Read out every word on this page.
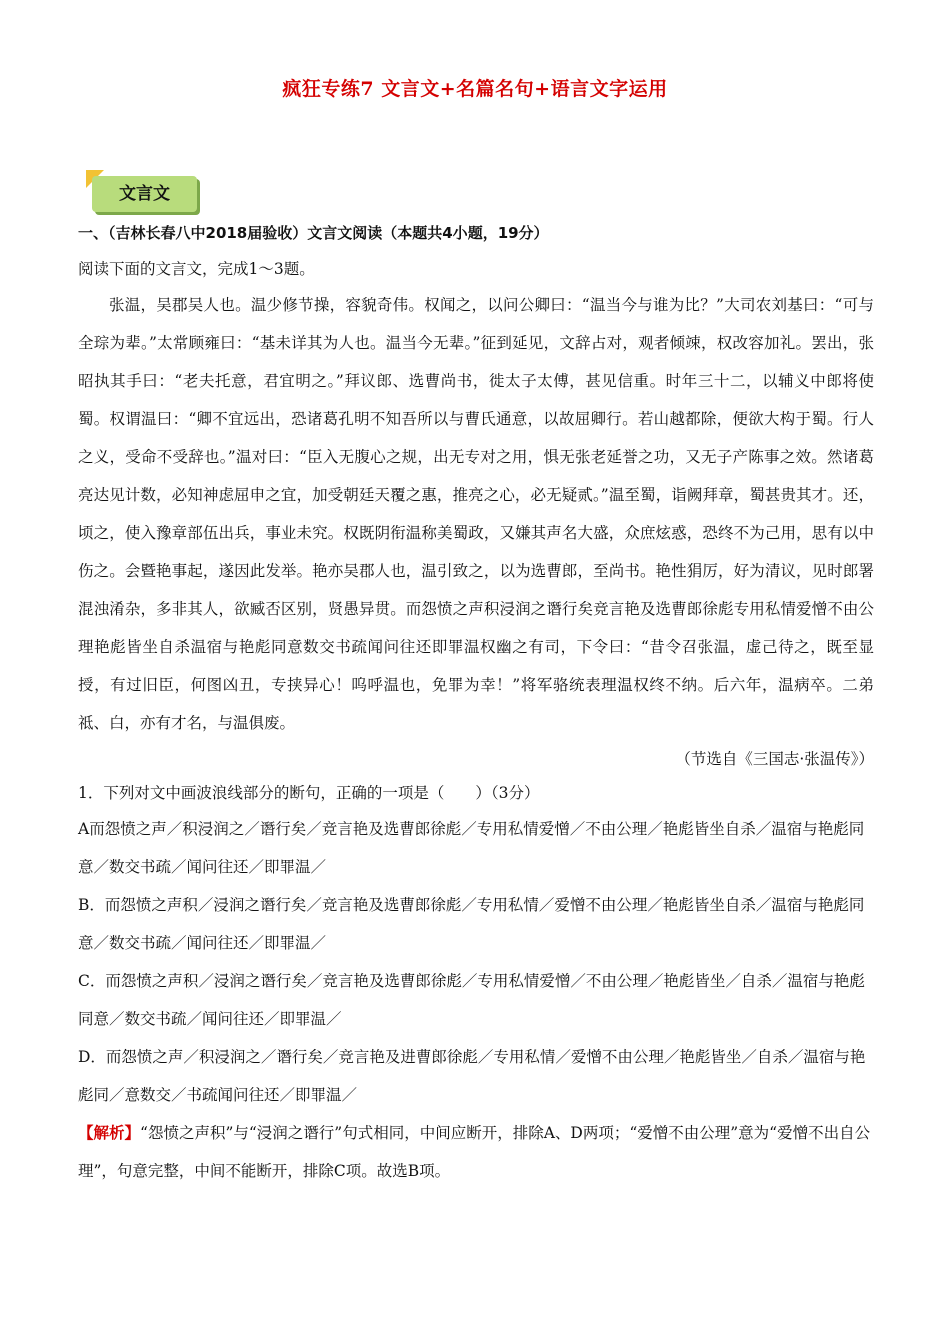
疯狂专练7 文言文+名篇名句+语言文字运用
文言文
一、（吉林长春八中2018届验收）文言文阅读（本题共4小题，19分）

阅读下面的文言文，完成1～3题。

张温，吴郡吴人也。温少修节操，容貌奇伟。权闻之，以问公卿曰：“温当今与谁为比？”大司农刘基曰：“可与全琮为辈。”太常顾雍曰：“基未详其为人也。温当今无辈。”征到延见，文辞占对，观者倾竦，权改容加礼。罢出，张昭执其手曰：“老夫托意，君宜明之。”拜议郎、选曹尚书，徙太子太傅，甚见信重。时年三十二，以辅义中郎将使蜀。权谓温曰：“卿不宜远出，恐诸葛孔明不知吾所以与曹氏通意，以故屈卿行。若山越都除，便欲大构于蜀。行人之义，受命不受辞也。”温对曰：“臣入无腹心之规，出无专对之用，惧无张老延誉之功，又无子产陈事之效。然诸葛亮达见计数，必知神虑屈申之宜，加受朝廷天覆之惠，推亮之心，必无疑贰。”温至蜀，诣阙拜章，蜀甚贵其才。还，顷之，使入豫章部伍出兵，事业未究。权既阴衔温称美蜀政，又嫌其声名大盛，众庶炫惑，恐终不为己用，思有以中伤之。会暨艳事起，遂因此发举。艳亦吴郡人也，温引致之，以为选曹郎，至尚书。艳性狷厉，好为清议，见时郎署混浊淆杂，多非其人，欲臧否区别，贤愚异贯。而怨愤之声积浸润之谮行矣竞言艳及选曹郎徐彪专用私情爱憎不由公理艳彪皆坐自杀温宿与艳彪同意数交书疏闻问往还即罪温权幽之有司，下令曰：“昔令召张温，虚己待之，既至显授，有过旧臣，何图凶丑，专挟异心！呜呼温也，免罪为幸！”将军骆统表理温权终不纳。后六年，温病卒。二弟祗、白，亦有才名，与温俱废。

（节选自《三国志·张温传》）

1．下列对文中画波浪线部分的断句，正确的一项是（　　）（3分）

A而怨愤之声／积浸润之／谮行矣／竞言艳及选曹郎徐彪／专用私情爱憎／不由公理／艳彪皆坐自杀／温宿与艳彪同意／数交书疏／闻问往还／即罪温／

B．而怨愤之声积／浸润之谮行矣／竞言艳及选曹郎徐彪／专用私情／爱憎不由公理／艳彪皆坐自杀／温宿与艳彪同意／数交书疏／闻问往还／即罪温／

C．而怨愤之声积／浸润之谮行矣／竞言艳及选曹郎徐彪／专用私情爱憎／不由公理／艳彪皆坐／自杀／温宿与艳彪同意／数交书疏／闻问往还／即罪温／

D．而怨愤之声／积浸润之／谮行矣／竞言艳及进曹郎徐彪／专用私情／爱憎不由公理／艳彪皆坐／自杀／温宿与艳彪同／意数交／书疏闻问往还／即罪温／

【解析】“怨愤之声积”与“浸润之谮行”句式相同，中间应断开，排除A、D两项；“爱憎不由公理”意为“爱憎不出自公理”，句意完整，中间不能断开，排除C项。故选B项。
